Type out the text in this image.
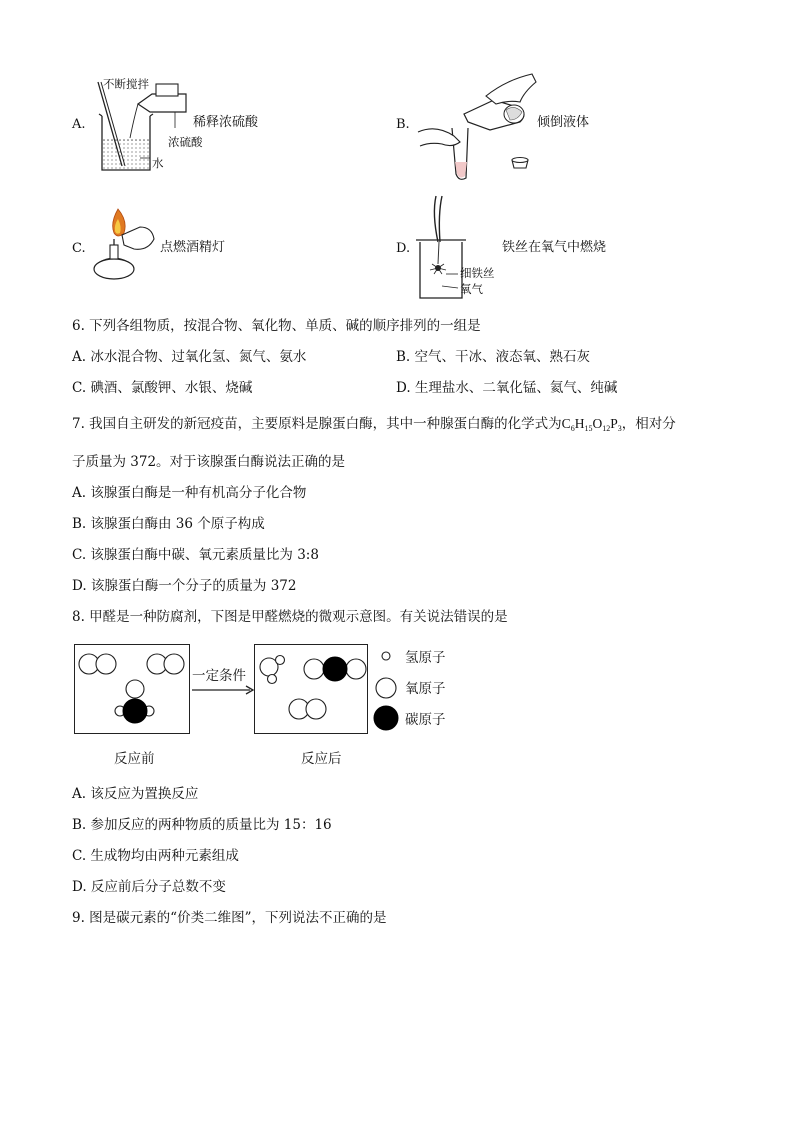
A.
不断搅拌
稀释浓硫酸
浓硫酸
水
B.	倾倒液体
C.	点燃酒精灯	D.	铁丝在氧气中燃烧
细铁丝
氧气
6. 下列各组物质，按混合物、氧化物、单质、碱的顺序排列的一组是
A. 冰水混合物、过氧化氢、氮气、氨水	B. 空气、干冰、液态氧、熟石灰
C. 碘酒、氯酸钾、水银、烧碱	D. 生理盐水、二氧化锰、氦气、纯碱
7. 我国自主研发的新冠疫苗，主要原料是腺蛋白酶，其中一种腺蛋白酶的化学式为$C_6H_{15}O_{12}P_3$，相对分
子质量为 372。对于该腺蛋白酶说法正确的是
A. 该腺蛋白酶是一种有机高分子化合物
B. 该腺蛋白酶由 36 个原子构成
C. 该腺蛋白酶中碳、氧元素质量比为 3:8
D. 该腺蛋白酶一个分子的质量为 372
8. 甲醛是一种防腐剂，下图是甲醛燃烧的微观示意图。有关说法错误的是
一定条件
氢原子
氧原子
碳原子
反应前	反应后
A. 该反应为置换反应
B. 参加反应的两种物质的质量比为 15：16
C. 生成物均由两种元素组成
D. 反应前后分子总数不变
9. 图是碳元素的“价类二维图”，下列说法不正确的是
